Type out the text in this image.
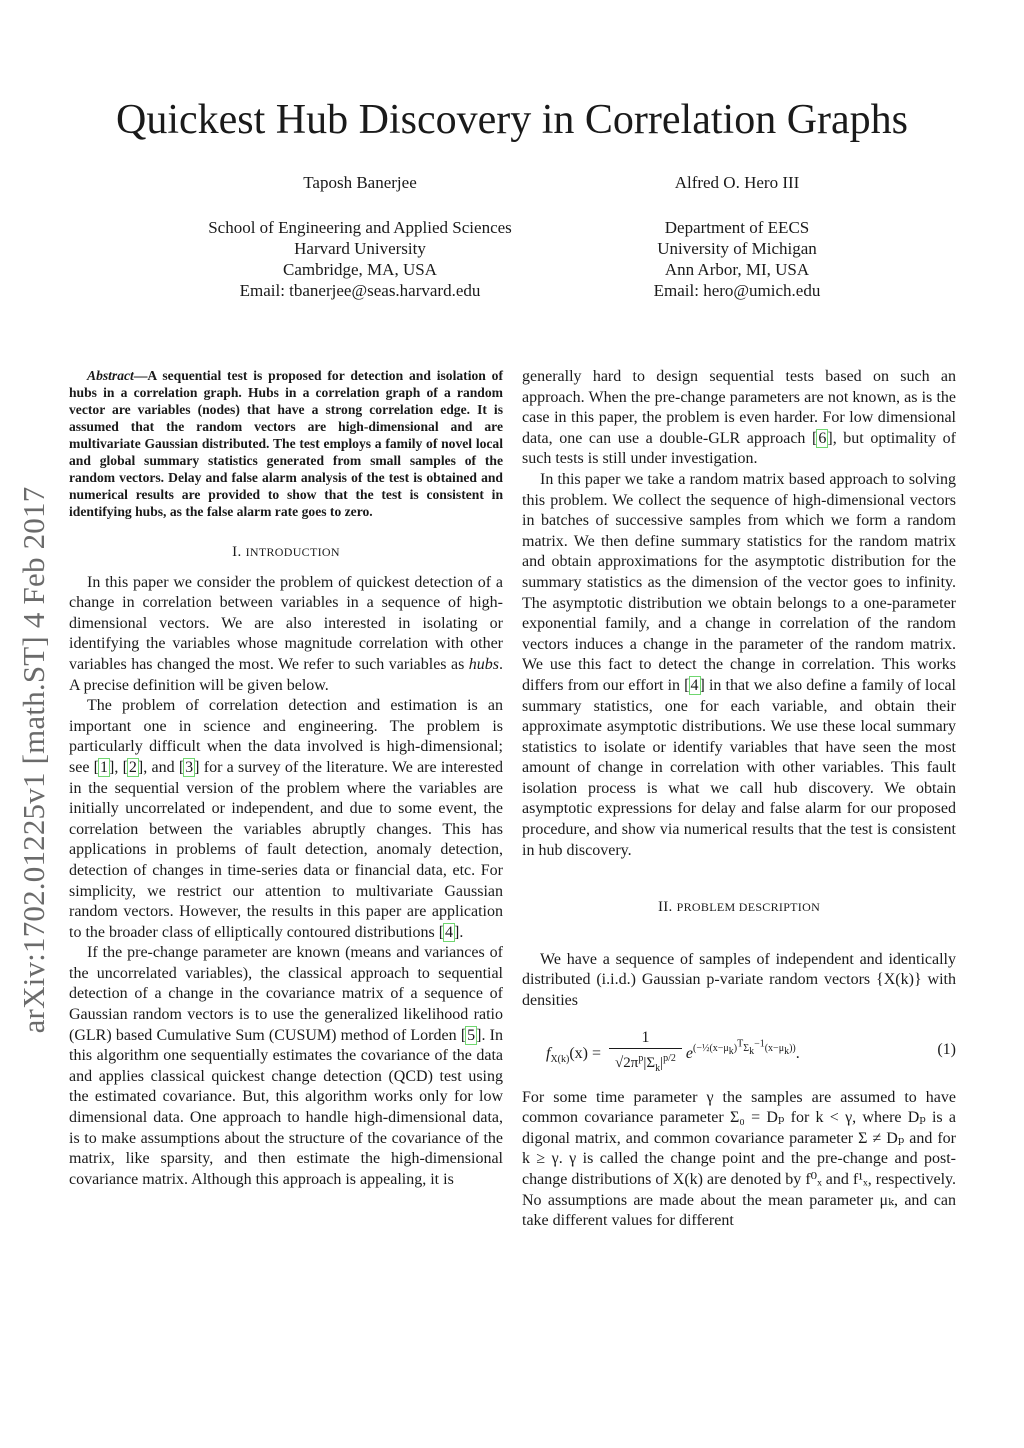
arXiv:1702.01225v1 [math.ST] 4 Feb 2017
Quickest Hub Discovery in Correlation Graphs
Taposh Banerjee
School of Engineering and Applied Sciences
Harvard University
Cambridge, MA, USA
Email: tbanerjee@seas.harvard.edu
Alfred O. Hero III
Department of EECS
University of Michigan
Ann Arbor, MI, USA
Email: hero@umich.edu

Abstract—A sequential test is proposed for detection and isolation of hubs in a correlation graph. Hubs in a correlation graph of a random vector are variables (nodes) that have a strong correlation edge. It is assumed that the random vectors are high-dimensional and are multivariate Gaussian distributed. The test employs a family of novel local and global summary statistics generated from small samples of the random vectors. Delay and false alarm analysis of the test is obtained and numerical results are provided to show that the test is consistent in identifying hubs, as the false alarm rate goes to zero.

I. INTRODUCTION

In this paper we consider the problem of quickest detection of a change in correlation between variables in a sequence of high-dimensional vectors. We are also interested in isolating or identifying the variables whose magnitude correlation with other variables has changed the most. We refer to such variables as hubs. A precise definition will be given below.

The problem of correlation detection and estimation is an important one in science and engineering. The problem is particularly difficult when the data involved is high-dimensional; see [1], [2], and [3] for a survey of the literature. We are interested in the sequential version of the problem where the variables are initially uncorrelated or independent, and due to some event, the correlation between the variables abruptly changes. This has applications in problems of fault detection, anomaly detection, detection of changes in time-series data or financial data, etc. For simplicity, we restrict our attention to multivariate Gaussian random vectors. However, the results in this paper are application to the broader class of elliptically contoured distributions [4].

If the pre-change parameter are known (means and variances of the uncorrelated variables), the classical approach to sequential detection of a change in the covariance matrix of a sequence of Gaussian random vectors is to use the generalized likelihood ratio (GLR) based Cumulative Sum (CUSUM) method of Lorden [5]. In this algorithm one sequentially estimates the covariance of the data and applies classical quickest change detection (QCD) test using the estimated covariance. But, this algorithm works only for low dimensional data. One approach to handle high-dimensional data, is to make assumptions about the structure of the covariance of the matrix, like sparsity, and then estimate the high-dimensional covariance matrix. Although this approach is appealing, it is

generally hard to design sequential tests based on such an approach. When the pre-change parameters are not known, as is the case in this paper, the problem is even harder. For low dimensional data, one can use a double-GLR approach [6], but optimality of such tests is still under investigation.

In this paper we take a random matrix based approach to solving this problem. We collect the sequence of high-dimensional vectors in batches of successive samples from which we form a random matrix. We then define summary statistics for the random matrix and obtain approximations for the asymptotic distribution for the summary statistics as the dimension of the vector goes to infinity. The asymptotic distribution we obtain belongs to a one-parameter exponential family, and a change in correlation of the random vectors induces a change in the parameter of the random matrix. We use this fact to detect the change in correlation. This works differs from our effort in [4] in that we also define a family of local summary statistics, one for each variable, and obtain their approximate asymptotic distributions. We use these local summary statistics to isolate or identify variables that have seen the most amount of change in correlation with other variables. This fault isolation process is what we call hub discovery. We obtain asymptotic expressions for delay and false alarm for our proposed procedure, and show via numerical results that the test is consistent in hub discovery.

II. PROBLEM DESCRIPTION

We have a sequence of samples of independent and identically distributed (i.i.d.) Gaussian p-variate random vectors {X(k)} with densities

$f_{X(k)}(x) = \frac{1}{√2\pi^p|\Sigma_k|^{p/2}} e^{(-\frac{1}{2}(x-\mu_k)^T\Sigma_k^{-1}(x-\mu_k))}$.	(1)

For some time parameter γ the samples are assumed to have common covariance parameter Σ₀ = Dₚ for k < γ, where Dₚ is a digonal matrix, and common covariance parameter Σ ≠ Dₚ and for k ≥ γ. γ is called the change point and the pre-change and post-change distributions of X(k) are denoted by f⁰ₓ and f¹ₓ, respectively. No assumptions are made about the mean parameter μₖ, and can take different values for different
